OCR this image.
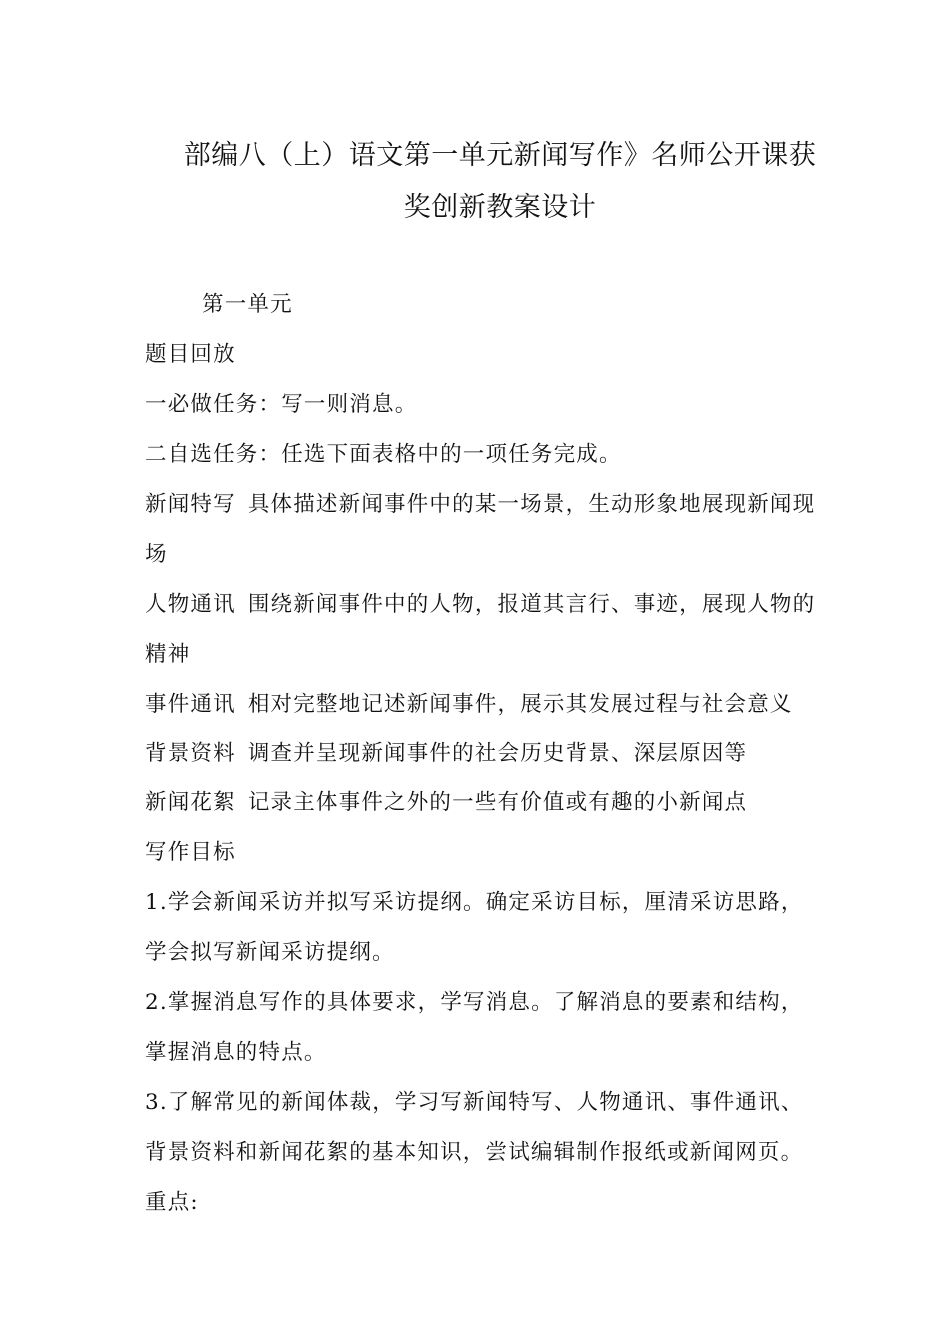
部编八（上）语文第一单元新闻写作》名师公开课获
奖创新教案设计
第一单元
题目回放
一必做任务：写一则消息。
二自选任务：任选下面表格中的一项任务完成。
新闻特写 具体描述新闻事件中的某一场景，生动形象地展现新闻现
场
人物通讯 围绕新闻事件中的人物，报道其言行、事迹，展现人物的
精神
事件通讯 相对完整地记述新闻事件，展示其发展过程与社会意义
背景资料 调查并呈现新闻事件的社会历史背景、深层原因等
新闻花絮 记录主体事件之外的一些有价值或有趣的小新闻点
写作目标
1.学会新闻采访并拟写采访提纲。确定采访目标，厘清采访思路，
学会拟写新闻采访提纲。
2.掌握消息写作的具体要求，学写消息。了解消息的要素和结构，
掌握消息的特点。
3.了解常见的新闻体裁，学习写新闻特写、人物通讯、事件通讯、
背景资料和新闻花絮的基本知识，尝试编辑制作报纸或新闻网页。
重点:
